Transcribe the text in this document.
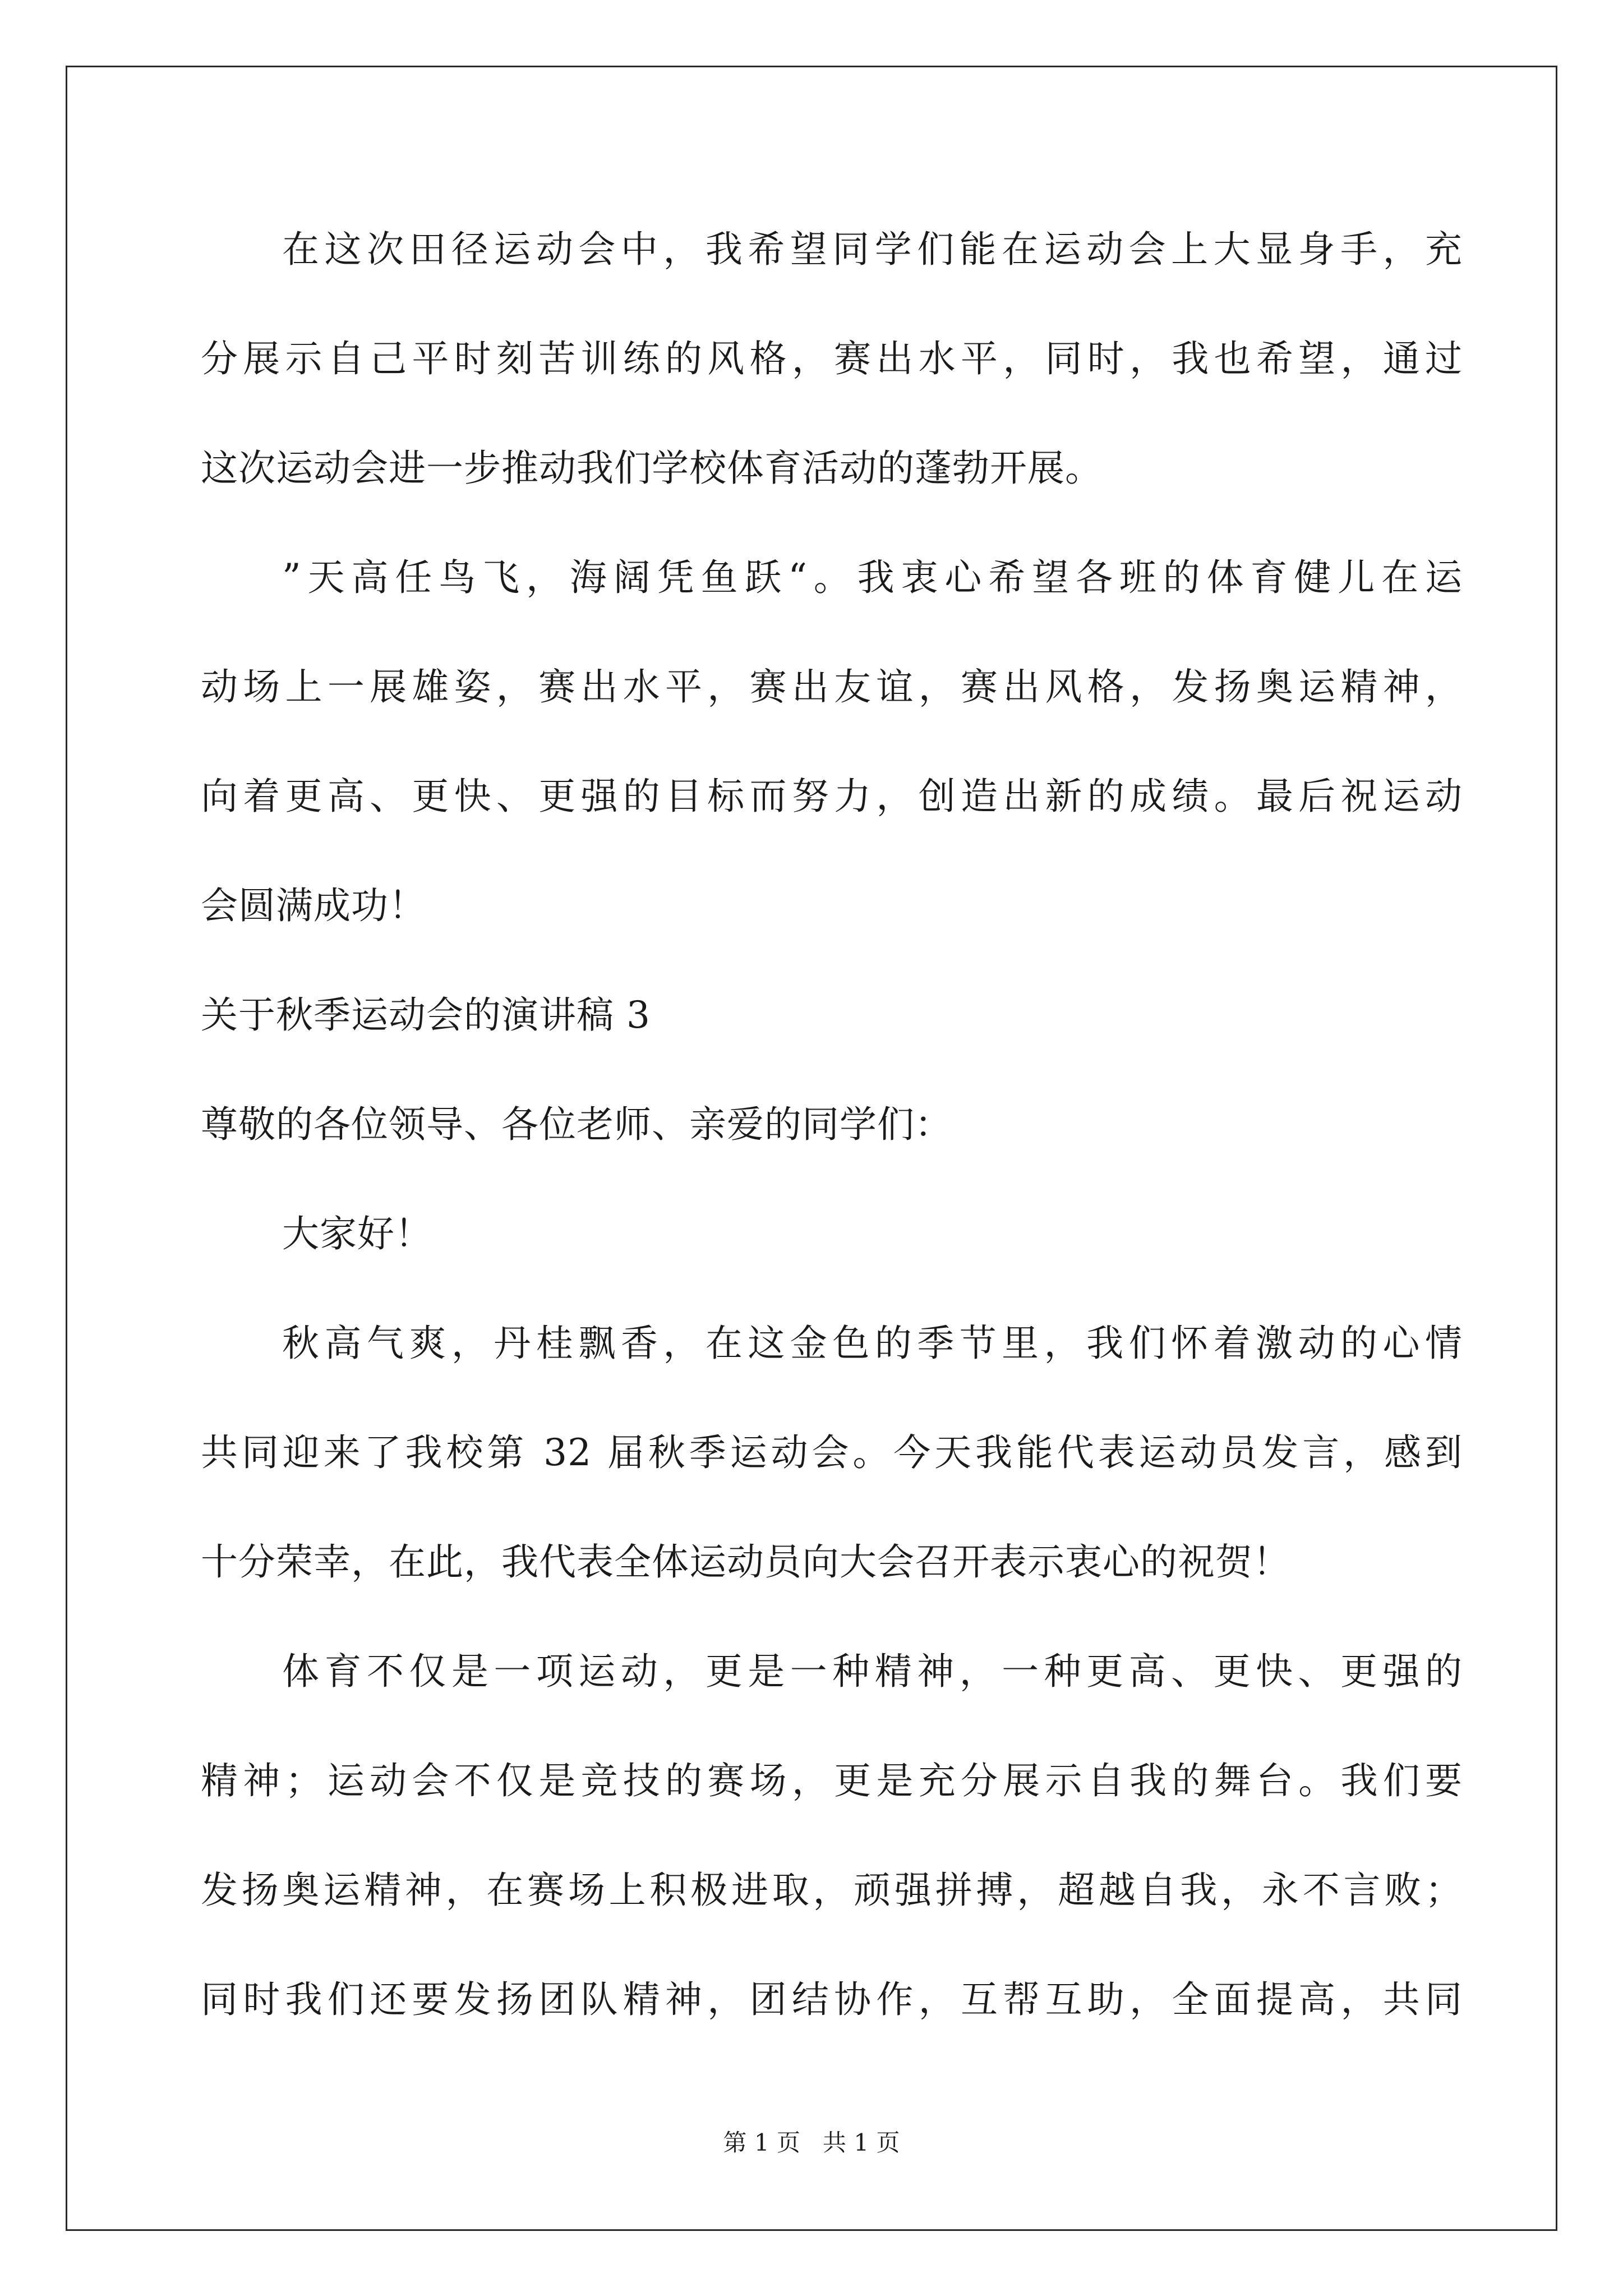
在这次田径运动会中，我希望同学们能在运动会上大显身手，充
分展示自己平时刻苦训练的风格，赛出水平，同时，我也希望，通过
这次运动会进一步推动我们学校体育活动的蓬勃开展。
”天高任鸟飞，海阔凭鱼跃“。我衷心希望各班的体育健儿在运
动场上一展雄姿，赛出水平，赛出友谊，赛出风格，发扬奥运精神，
向着更高、更快、更强的目标而努力，创造出新的成绩。最后祝运动
会圆满成功！
关于秋季运动会的演讲稿 3
尊敬的各位领导、各位老师、亲爱的同学们：
大家好！
秋高气爽，丹桂飘香，在这金色的季节里，我们怀着激动的心情
共同迎来了我校第 32 届秋季运动会。今天我能代表运动员发言，感到
十分荣幸，在此，我代表全体运动员向大会召开表示衷心的祝贺！
体育不仅是一项运动，更是一种精神，一种更高、更快、更强的
精神；运动会不仅是竞技的赛场，更是充分展示自我的舞台。我们要
发扬奥运精神，在赛场上积极进取，顽强拼搏，超越自我，永不言败；
同时我们还要发扬团队精神，团结协作，互帮互助，全面提高，共同
第 1 页   共 1 页
